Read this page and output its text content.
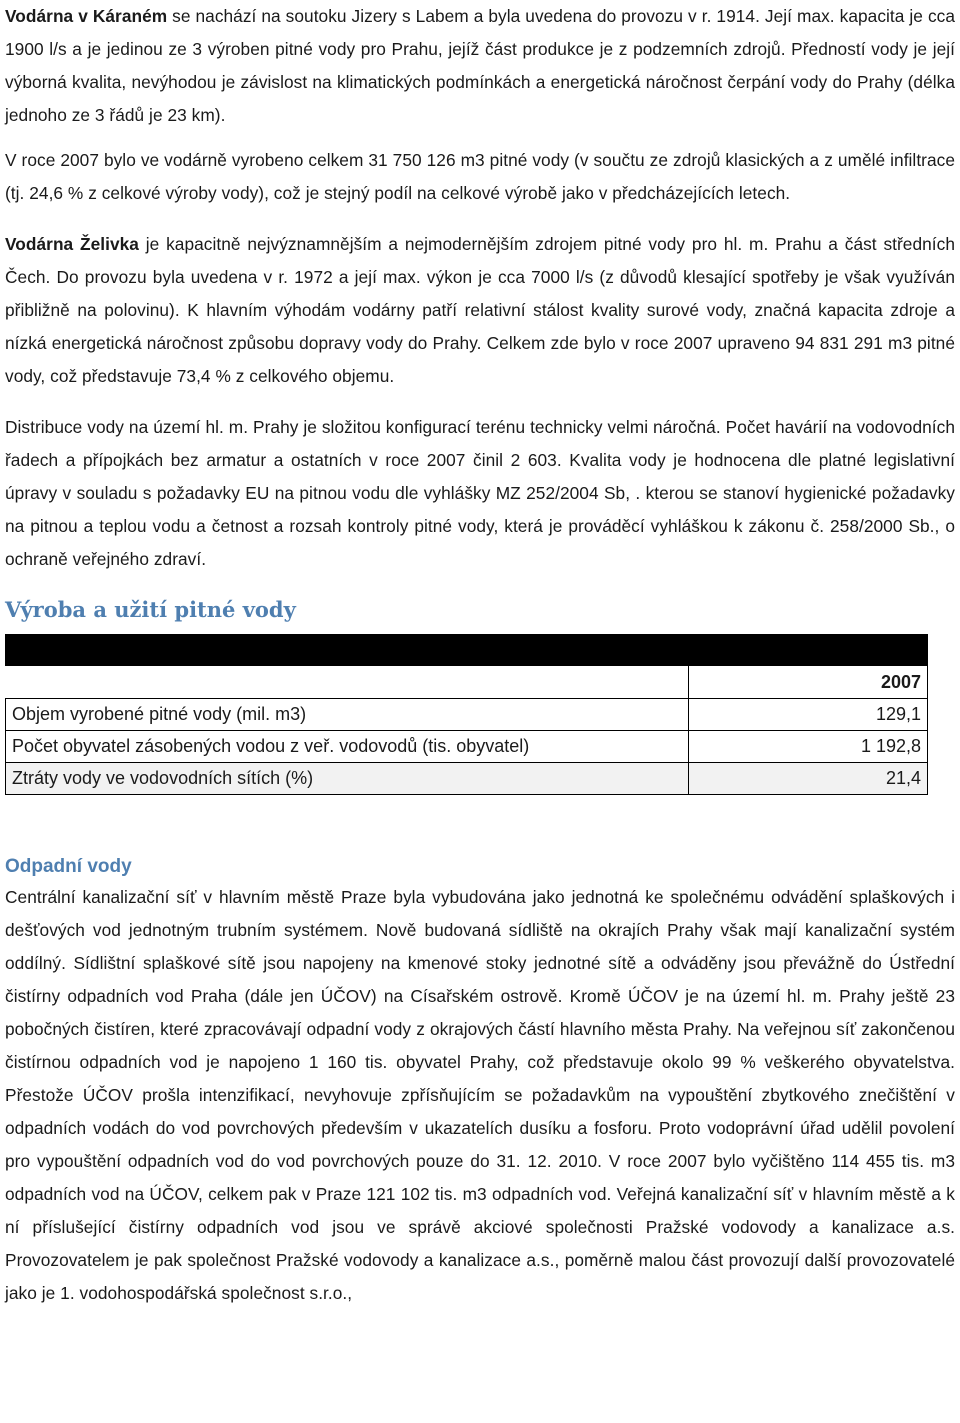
Vodárna v Káraném se nachází na soutoku Jizery s Labem a byla uvedena do provozu v r. 1914. Její max. kapacita je cca 1900 l/s a je jedinou ze 3 výroben pitné vody pro Prahu, jejíž část produkce je z podzemních zdrojů. Předností vody je její výborná kvalita, nevýhodou je závislost na klimatických podmínkách a energetická náročnost čerpání vody do Prahy (délka jednoho ze 3 řádů je 23 km).

V roce 2007 bylo ve vodárně vyrobeno celkem 31 750 126 m3 pitné vody (v součtu ze zdrojů klasických a z umělé infiltrace (tj. 24,6 % z celkové výroby vody), což je stejný podíl na celkové výrobě jako v předcházejících letech.

Vodárna Želivka je kapacitně nejvýznamnějším a nejmodernějším zdrojem pitné vody pro hl. m. Prahu a část středních Čech. Do provozu byla uvedena v r. 1972 a její max. výkon je cca 7000 l/s (z důvodů klesající spotřeby je však využíván přibližně na polovinu). K hlavním výhodám vodárny patří relativní stálost kvality surové vody, značná kapacita zdroje a nízká energetická náročnost způsobu dopravy vody do Prahy. Celkem zde bylo v roce 2007 upraveno 94 831 291 m3 pitné vody, což představuje 73,4 % z celkového objemu.

Distribuce vody na území hl. m. Prahy je složitou konfigurací terénu technicky velmi náročná. Počet havárií na vodovodních řadech a přípojkách bez armatur a ostatních v roce 2007 činil 2 603. Kvalita vody je hodnocena dle platné legislativní úpravy v souladu s požadavky EU na pitnou vodu dle vyhlášky MZ 252/2004 Sb, . kterou se stanoví hygienické požadavky na pitnou a teplou vodu a četnost a rozsah kontroly pitné vody, která je prováděcí vyhláškou k zákonu č. 258/2000 Sb., o ochraně veřejného zdraví.

Výroba a užití pitné vody

	2007
Objem vyrobené pitné vody (mil. m3)	129,1
Počet obyvatel zásobených vodou z veř. vodovodů (tis. obyvatel)	1 192,8
Ztráty vody ve vodovodních sítích (%)	21,4
Odpadní vody

Centrální kanalizační síť v hlavním městě Praze byla vybudována jako jednotná ke společnému odvádění splaškových i dešťových vod jednotným trubním systémem. Nově budovaná sídliště na okrajích Prahy však mají kanalizační systém oddílný. Sídlištní splaškové sítě jsou napojeny na kmenové stoky jednotné sítě a odváděny jsou převážně do Ústřední čistírny odpadních vod Praha (dále jen ÚČOV) na Císařském ostrově. Kromě ÚČOV je na území hl. m. Prahy ještě 23 pobočných čistíren, které zpracovávají odpadní vody z okrajových částí hlavního města Prahy. Na veřejnou síť zakončenou čistírnou odpadních vod je napojeno 1 160 tis. obyvatel Prahy, což představuje okolo 99 % veškerého obyvatelstva. Přestože ÚČOV prošla intenzifikací, nevyhovuje zpřísňujícím se požadavkům na vypouštění zbytkového znečištění v odpadních vodách do vod povrchových především v ukazatelích dusíku a fosforu. Proto vodoprávní úřad udělil povolení pro vypouštění odpadních vod do vod povrchových pouze do 31. 12. 2010. V roce 2007 bylo vyčištěno 114 455 tis. m3 odpadních vod na ÚČOV, celkem pak v Praze 121 102 tis. m3 odpadních vod. Veřejná kanalizační síť v hlavním městě a k ní příslušející čistírny odpadních vod jsou ve správě akciové společnosti Pražské vodovody a kanalizace a.s. Provozovatelem je pak společnost Pražské vodovody a kanalizace a.s., poměrně malou část provozují další provozovatelé jako je 1. vodohospodářská společnost s.r.o.,
